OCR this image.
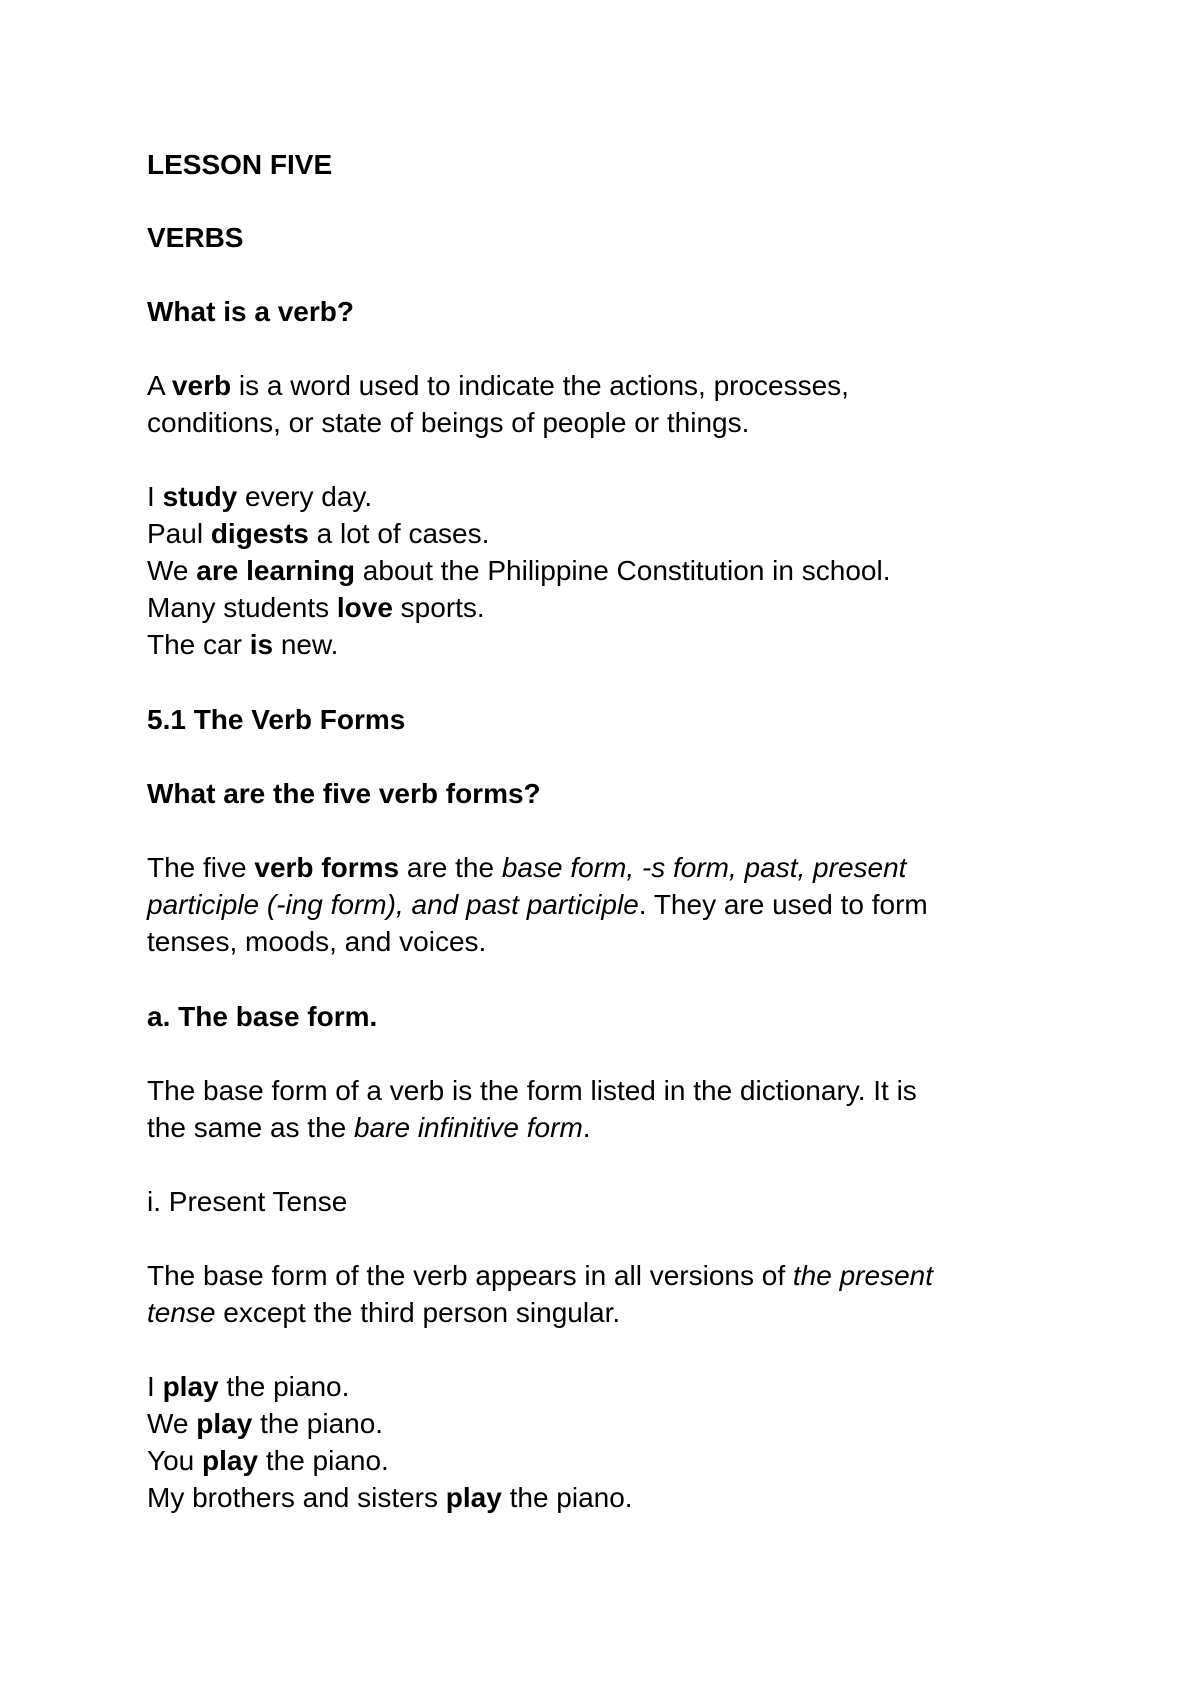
LESSON FIVE
VERBS
What is a verb?
A verb is a word used to indicate the actions, processes,
conditions, or state of beings of people or things.
I study every day.
Paul digests a lot of cases.
We are learning about the Philippine Constitution in school.
Many students love sports.
The car is new.
5.1 The Verb Forms
What are the five verb forms?
The five verb forms are the base form, -s form, past, present
participle (-ing form), and past participle. They are used to form
tenses, moods, and voices.
a. The base form.
The base form of a verb is the form listed in the dictionary. It is
the same as the bare infinitive form.
i. Present Tense
The base form of the verb appears in all versions of the present
tense except the third person singular.
I play the piano.
We play the piano.
You play the piano.
My brothers and sisters play the piano.
